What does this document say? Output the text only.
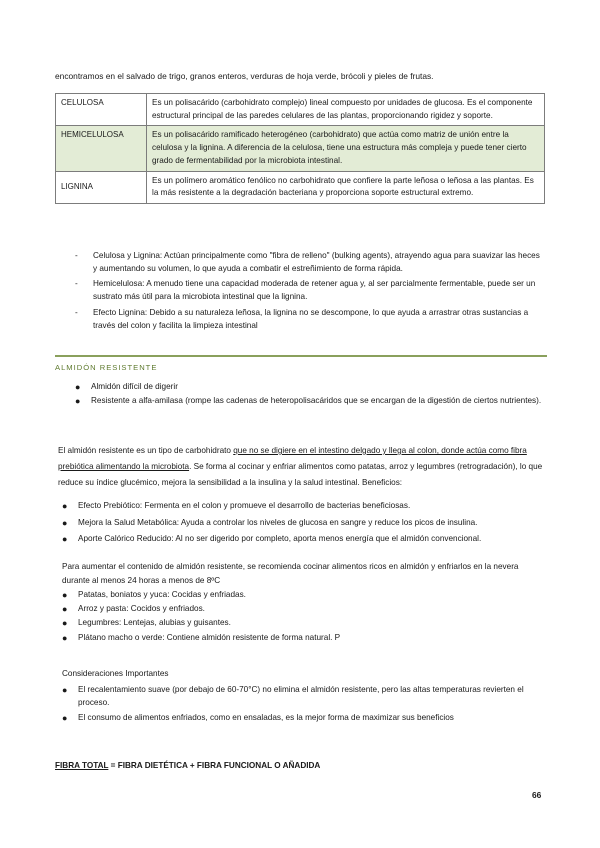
encontramos en el salvado de trigo, granos enteros, verduras de hoja verde, brócoli y pieles de frutas.
CELULOSA	Es un polisacárido (carbohidrato complejo) lineal compuesto por unidades de glucosa. Es el componente estructural principal de las paredes celulares de las plantas, proporcionando rigidez y soporte.
HEMICELULOSA	Es un polisacárido ramificado heterogéneo (carbohidrato) que actúa como matriz de unión entre la celulosa y la lignina. A diferencia de la celulosa, tiene una estructura más compleja y puede tener cierto grado de fermentabilidad por la microbiota intestinal.
LIGNINA	Es un polímero aromático fenólico no carbohidrato que confiere la parte leñosa o leñosa a las plantas. Es la más resistente a la degradación bacteriana y proporciona soporte estructural extremo.
- Celulosa y Lignina: Actúan principalmente como "fibra de relleno" (bulking agents), atrayendo agua para suavizar las heces y aumentando su volumen, lo que ayuda a combatir el estreñimiento de forma rápida.
- Hemicelulosa: A menudo tiene una capacidad moderada de retener agua y, al ser parcialmente fermentable, puede ser un sustrato más útil para la microbiota intestinal que la lignina.
- Efecto Lignina: Debido a su naturaleza leñosa, la lignina no se descompone, lo que ayuda a arrastrar otras sustancias a través del colon y facilita la limpieza intestinal
ALMIDÓN RESISTENTE
● Almidón difícil de digerir
● Resistente a alfa-amilasa (rompe las cadenas de heteropolisacáridos que se encargan de la digestión de ciertos nutrientes).
El almidón resistente es un tipo de carbohidrato que no se digiere en el intestino delgado y llega al colon, donde actúa como fibra prebiótica alimentando la microbiota. Se forma al cocinar y enfriar alimentos como patatas, arroz y legumbres (retrogradación), lo que reduce su índice glucémico, mejora la sensibilidad a la insulina y la salud intestinal. Beneficios:
● Efecto Prebiótico: Fermenta en el colon y promueve el desarrollo de bacterias beneficiosas.
● Mejora la Salud Metabólica: Ayuda a controlar los niveles de glucosa en sangre y reduce los picos de insulina.
● Aporte Calórico Reducido: Al no ser digerido por completo, aporta menos energía que el almidón convencional.
Para aumentar el contenido de almidón resistente, se recomienda cocinar alimentos ricos en almidón y enfriarlos en la nevera durante al menos 24 horas a menos de 8ºC
● Patatas, boniatos y yuca: Cocidas y enfriadas.
● Arroz y pasta: Cocidos y enfriados.
● Legumbres: Lentejas, alubias y guisantes.
● Plátano macho o verde: Contiene almidón resistente de forma natural. P
Consideraciones Importantes
● El recalentamiento suave (por debajo de 60-70°C) no elimina el almidón resistente, pero las altas temperaturas revierten el proceso.
● El consumo de alimentos enfriados, como en ensaladas, es la mejor forma de maximizar sus beneficios
FIBRA TOTAL = FIBRA DIETÉTICA + FIBRA FUNCIONAL O AÑADIDA
66
